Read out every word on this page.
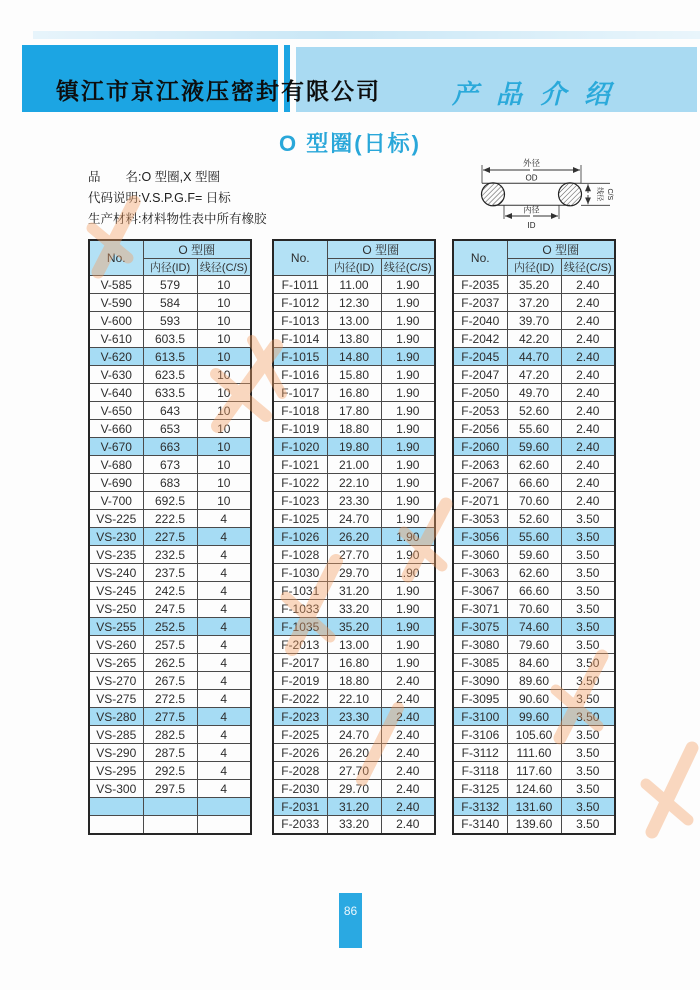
镇江市京江液压密封有限公司	产品介绍
O 型圈(日标)
品　　名:O 型圈,X 型圈
代码说明:V.S.P.G.F= 日标
生产材料:材料物性表中所有橡胶
外径
OD
线径 C/S
内径
ID
No.	O 型圈	
	内径(ID)	线径(C/S)
V-585	579	10
V-590	584	10
V-600	593	10
V-610	603.5	10
V-620	613.5	10
V-630	623.5	10
V-640	633.5	10
V-650	643	10
V-660	653	10
V-670	663	10
V-680	673	10
V-690	683	10
V-700	692.5	10
VS-225	222.5	4
VS-230	227.5	4
VS-235	232.5	4
VS-240	237.5	4
VS-245	242.5	4
VS-250	247.5	4
VS-255	252.5	4
VS-260	257.5	4
VS-265	262.5	4
VS-270	267.5	4
VS-275	272.5	4
VS-280	277.5	4
VS-285	282.5	4
VS-290	287.5	4
VS-295	292.5	4
VS-300	297.5	4

No.	O 型圈	
	内径(ID)	线径(C/S)
F-1011	11.00	1.90
F-1012	12.30	1.90
F-1013	13.00	1.90
F-1014	13.80	1.90
F-1015	14.80	1.90
F-1016	15.80	1.90
F-1017	16.80	1.90
F-1018	17.80	1.90
F-1019	18.80	1.90
F-1020	19.80	1.90
F-1021	21.00	1.90
F-1022	22.10	1.90
F-1023	23.30	1.90
F-1025	24.70	1.90
F-1026	26.20	1.90
F-1028	27.70	1.90
F-1030	29.70	1.90
F-1031	31.20	1.90
F-1033	33.20	1.90
F-1035	35.20	1.90
F-2013	13.00	1.90
F-2017	16.80	1.90
F-2019	18.80	2.40
F-2022	22.10	2.40
F-2023	23.30	2.40
F-2025	24.70	2.40
F-2026	26.20	2.40
F-2028	27.70	2.40
F-2030	29.70	2.40
F-2031	31.20	2.40
F-2033	33.20	2.40
No.	O 型圈	
	内径(ID)	线径(C/S)
F-2035	35.20	2.40
F-2037	37.20	2.40
F-2040	39.70	2.40
F-2042	42.20	2.40
F-2045	44.70	2.40
F-2047	47.20	2.40
F-2050	49.70	2.40
F-2053	52.60	2.40
F-2056	55.60	2.40
F-2060	59.60	2.40
F-2063	62.60	2.40
F-2067	66.60	2.40
F-2071	70.60	2.40
F-3053	52.60	3.50
F-3056	55.60	3.50
F-3060	59.60	3.50
F-3063	62.60	3.50
F-3067	66.60	3.50
F-3071	70.60	3.50
F-3075	74.60	3.50
F-3080	79.60	3.50
F-3085	84.60	3.50
F-3090	89.60	3.50
F-3095	90.60	3.50
F-3100	99.60	3.50
F-3106	105.60	3.50
F-3112	111.60	3.50
F-3118	117.60	3.50
F-3125	124.60	3.50
F-3132	131.60	3.50
F-3140	139.60	3.50
86
